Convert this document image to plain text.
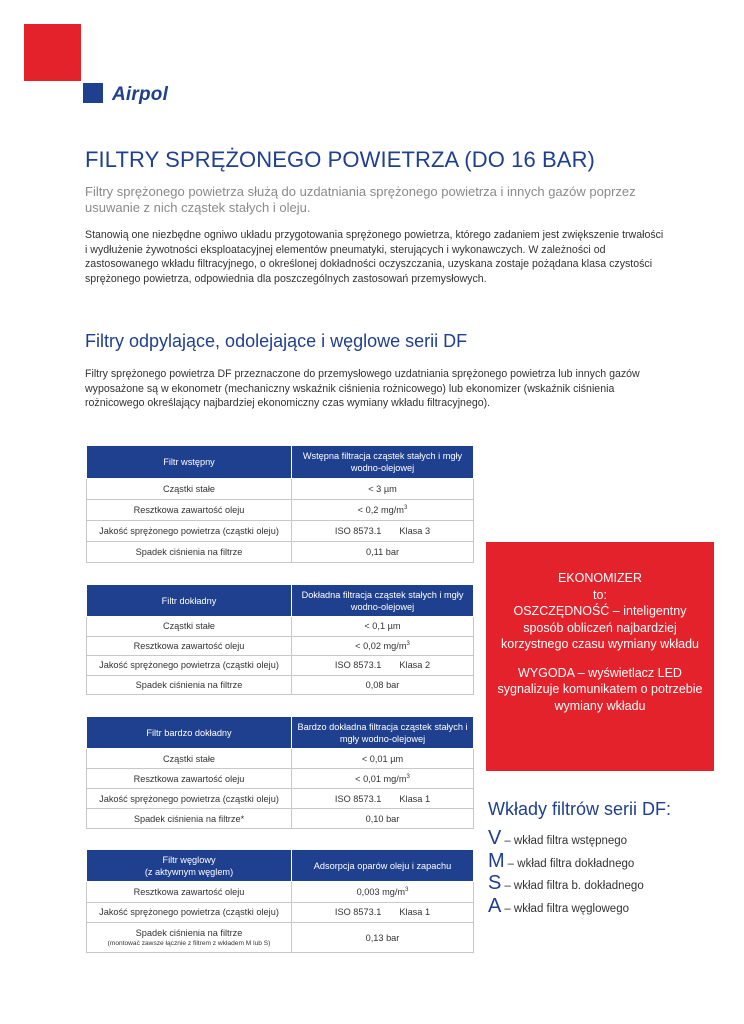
Airpol
FILTRY SPRĘŻONEGO POWIETRZA (DO 16 BAR)

Filtry sprężonego powietrza służą do uzdatniania sprężonego powietrza i innych gazów poprzez usuwanie z nich cząstek stałych i oleju.

Stanowią one niezbędne ogniwo układu przygotowania sprężonego powietrza, którego zadaniem jest zwiększenie trwałości i wydłużenie żywotności eksploatacyjnej elementów pneumatyki, sterujących i wykonawczych. W zależności od zastosowanego wkładu filtracyjnego, o określonej dokładności oczyszczania, uzyskana zostaje pożądana klasa czystości sprężonego powietrza, odpowiednia dla poszczególnych zastosowań przemysłowych.

Filtry odpylające, odolejające i węglowe serii DF

Filtry sprężonego powietrza DF przeznaczone do przemysłowego uzdatniania sprężonego powietrza lub innych gazów wyposażone są w ekonometr (mechaniczny wskaźnik ciśnienia rożnicowego) lub ekonomizer (wskaźnik ciśnienia rożnicowego określający najbardziej ekonomiczny czas wymiany wkładu filtracyjnego).

Filtr wstępny	Wstępna filtracja cząstek stałych i mgły wodno-olejowej
Cząstki stałe	< 3 µm
Resztkowa zawartość oleju	< 0,2 $mg/m^3$
Jakość sprężonego powietrza (cząstki oleju)	ISO 8573.1 Klasa 3
Spadek ciśnienia na filtrze	0,11 bar
Filtr dokładny	Dokładna filtracja cząstek stałych i mgły wodno-olejowej
Cząstki stałe	< 0,1 µm
Resztkowa zawartość oleju	< 0,02 $mg/m^3$
Jakość sprężonego powietrza (cząstki oleju)	ISO 8573.1 Klasa 2
Spadek ciśnienia na filtrze	0,08 bar
Filtr bardzo dokładny	Bardzo dokładna filtracja cząstek stałych i mgły wodno-olejowej
Cząstki stałe	< 0,01 µm
Resztkowa zawartość oleju	< 0,01 $mg/m^3$
Jakość sprężonego powietrza (cząstki oleju)	ISO 8573.1 Klasa 1
Spadek ciśnienia na filtrze*	0,10 bar
Filtr węglowy
(z aktywnym węglem)	Adsorpcja oparów oleju i zapachu
Resztkowa zawartość oleju	0,003 $mg/m^3$
Jakość sprężonego powietrza (cząstki oleju)	ISO 8573.1 Klasa 1

Spadek ciśnienia na filtrze
(montować zawsze łącznie z filtrem z wkładem M lub S)	0,13 bar

EKONOMIZER

to:

OSZCZĘDNOŚĆ – inteligentny sposób obliczeń najbardziej korzystnego czasu wymiany wkładu

WYGODA – wyświetlacz LED sygnalizuje komunikatem o potrzebie wymiany wkładu

Wkłady filtrów serii DF:
V – wkład filtra wstępnego
M – wkład filtra dokładnego
S – wkład filtra b. dokładnego
A – wkład filtra węglowego
